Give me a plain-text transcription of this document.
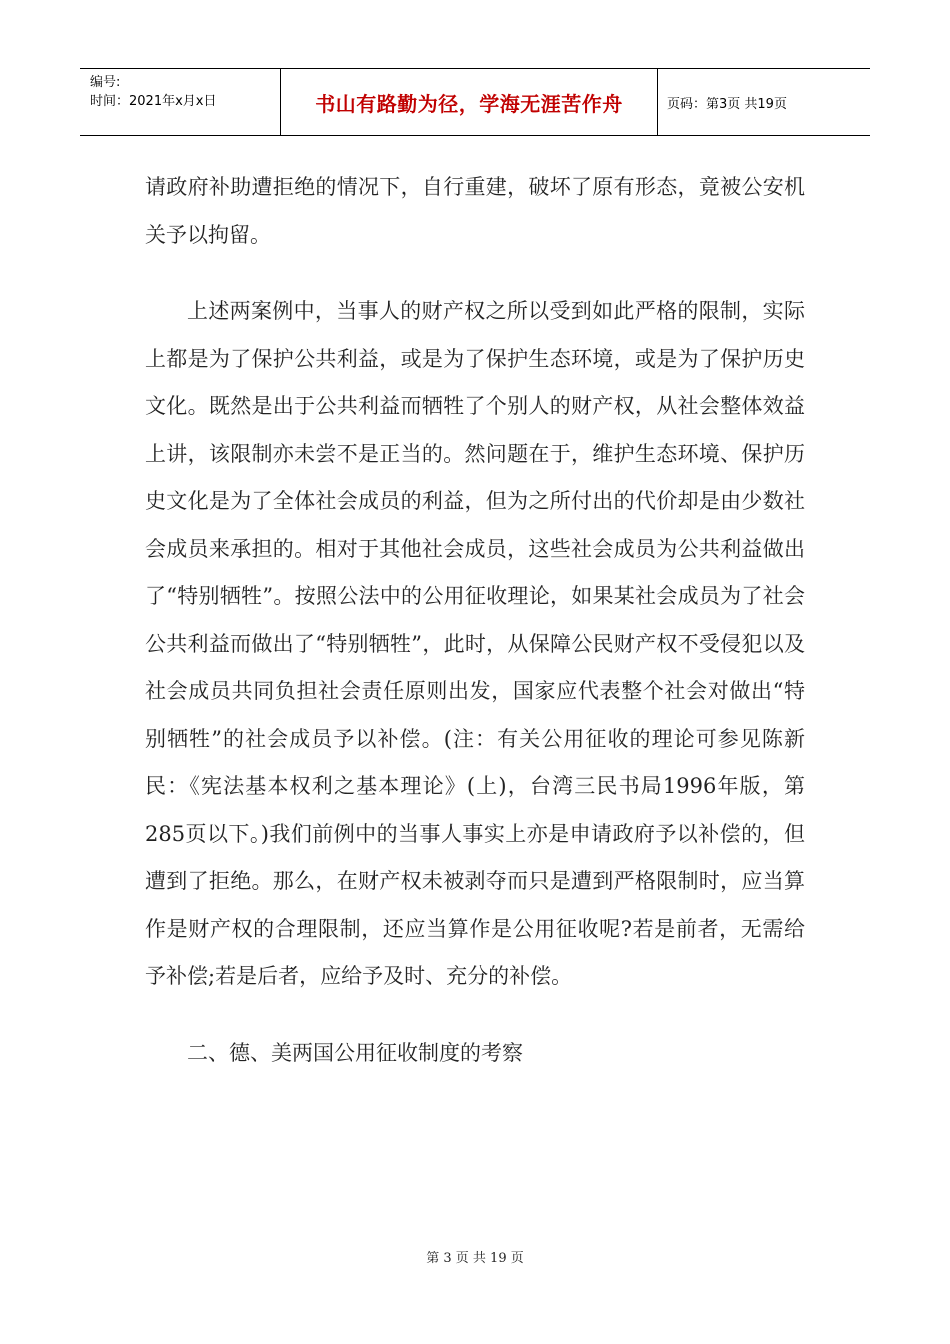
编号:
时间：2021年x月x日	书山有路勤为径，学海无涯苦作舟	页码：第3页 共19页

请政府补助遭拒绝的情况下，自行重建，破坏了原有形态，竟被公安机关予以拘留。

上述两案例中，当事人的财产权之所以受到如此严格的限制，实际上都是为了保护公共利益，或是为了保护生态环境，或是为了保护历史文化。既然是出于公共利益而牺牲了个别人的财产权，从社会整体效益上讲，该限制亦未尝不是正当的。然问题在于，维护生态环境、保护历史文化是为了全体社会成员的利益，但为之所付出的代价却是由少数社会成员来承担的。相对于其他社会成员，这些社会成员为公共利益做出了“特别牺牲”。按照公法中的公用征收理论，如果某社会成员为了社会公共利益而做出了“特别牺牲”，此时，从保障公民财产权不受侵犯以及社会成员共同负担社会责任原则出发，国家应代表整个社会对做出“特别牺牲”的社会成员予以补偿。(注：有关公用征收的理论可参见陈新民：《宪法基本权利之基本理论》(上)，台湾三民书局1996年版，第285页以下。)我们前例中的当事人事实上亦是申请政府予以补偿的，但遭到了拒绝。那么，在财产权未被剥夺而只是遭到严格限制时，应当算作是财产权的合理限制，还应当算作是公用征收呢?若是前者，无需给予补偿;若是后者，应给予及时、充分的补偿。

二、德、美两国公用征收制度的考察

第 3 页 共 19 页
